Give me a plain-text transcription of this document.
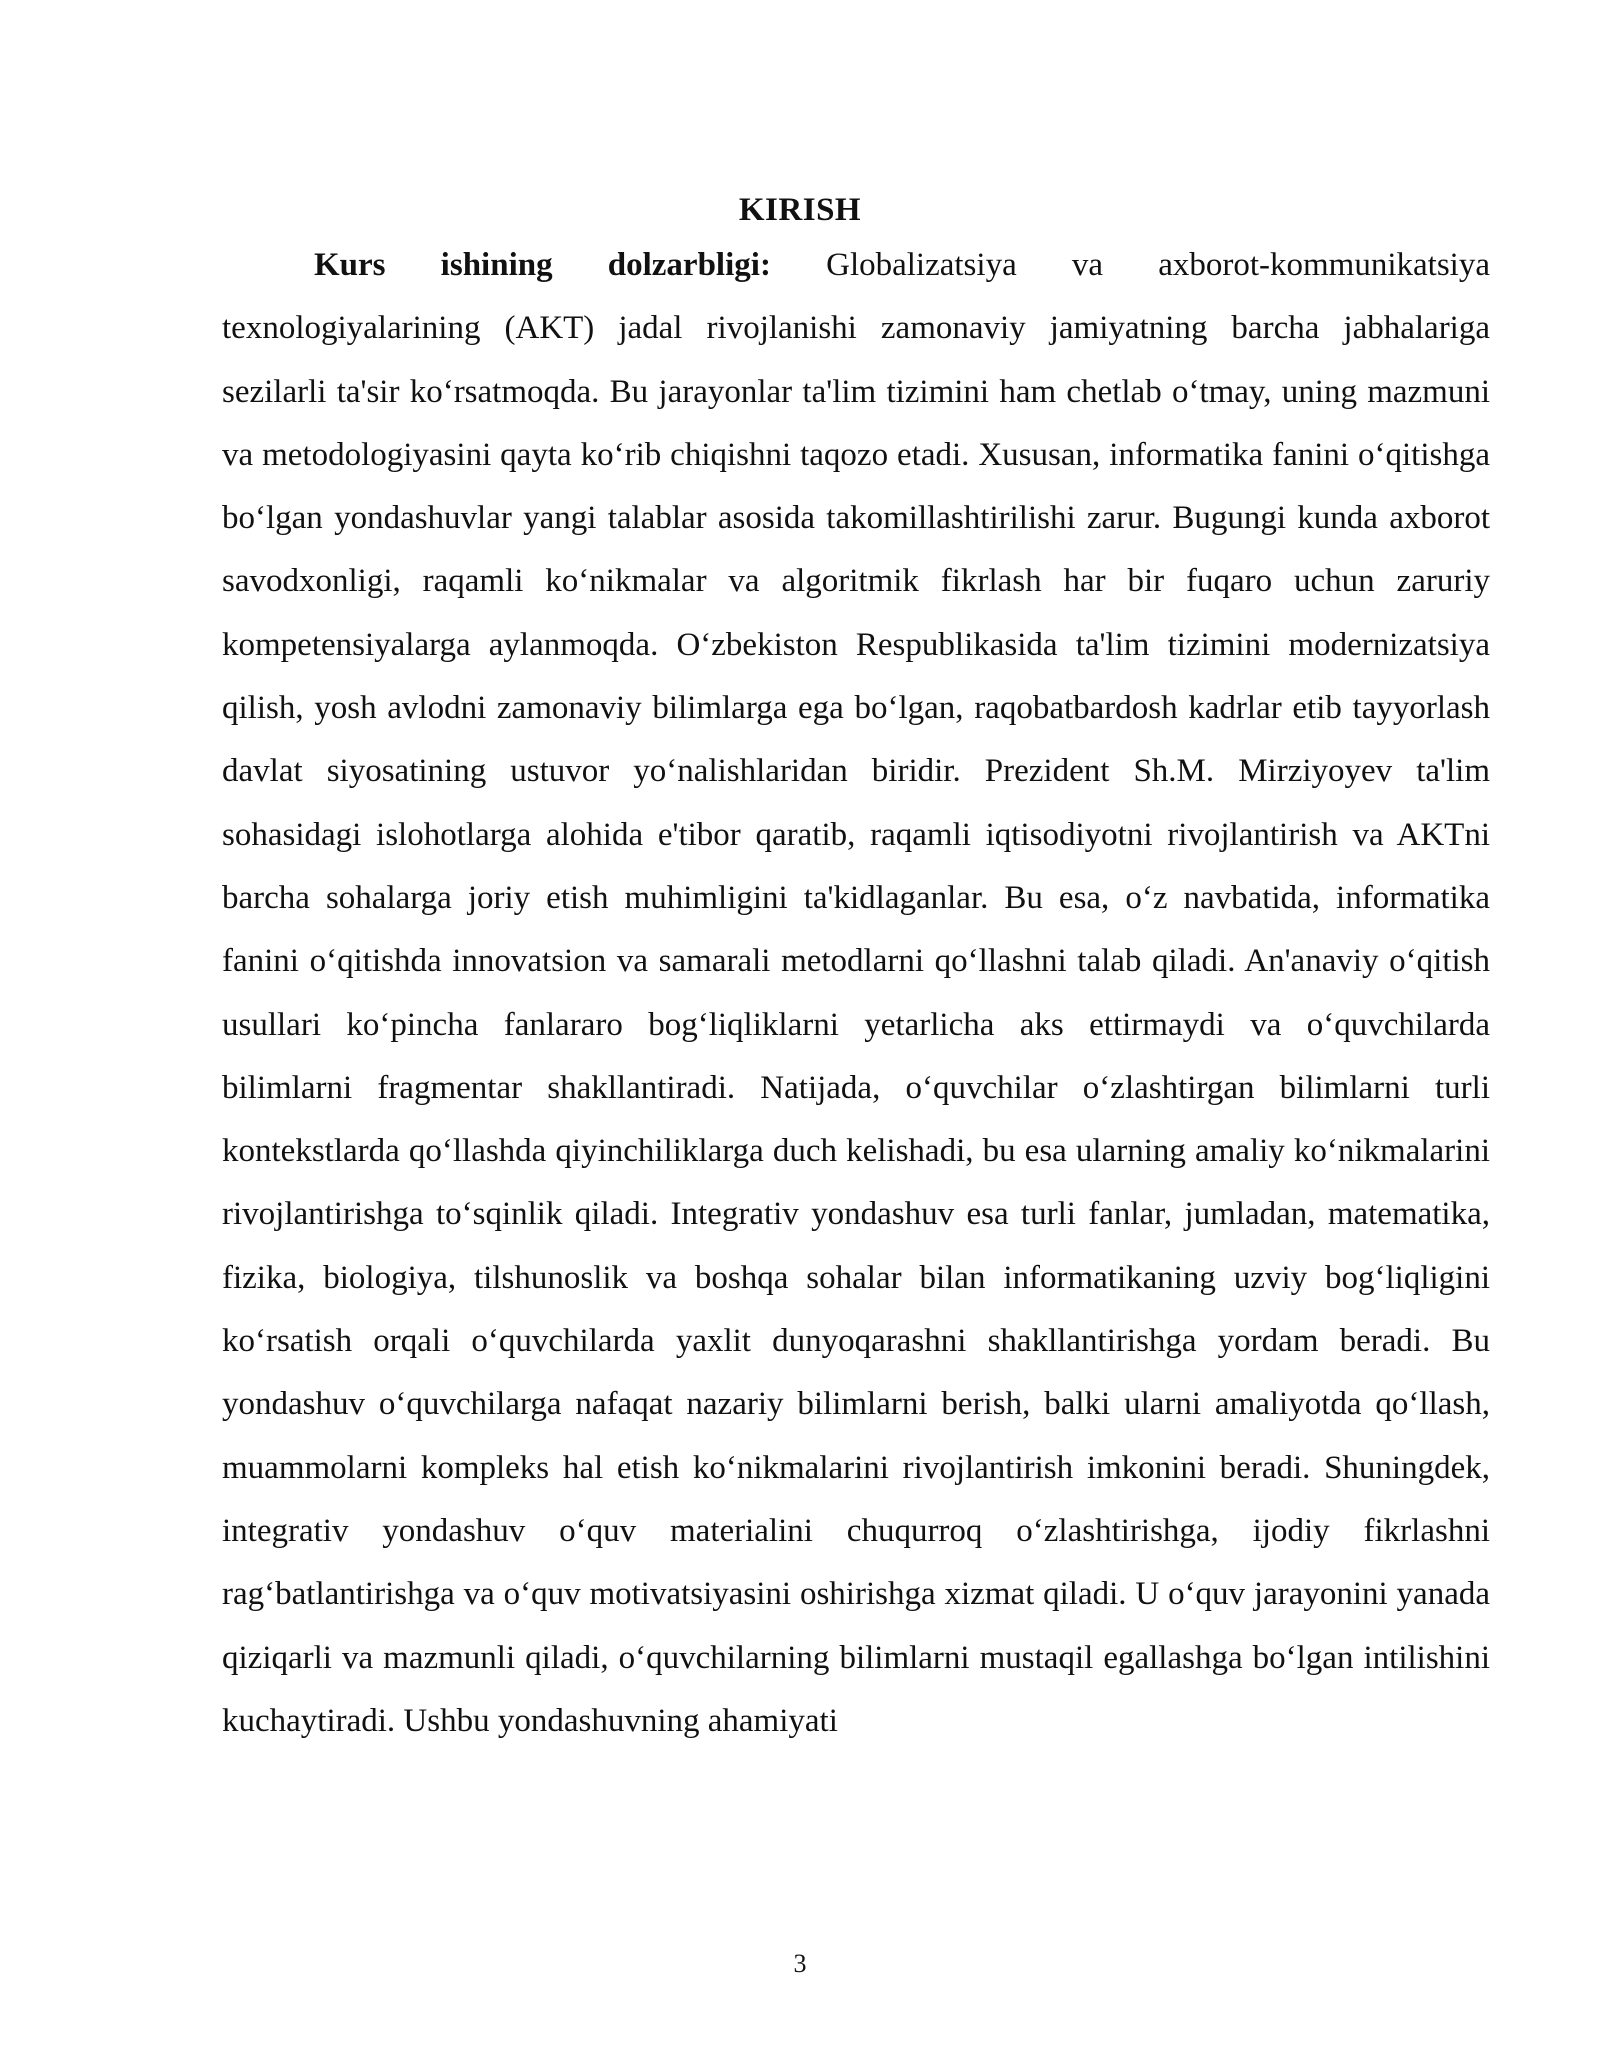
KIRISH

Kurs ishining dolzarbligi: Globalizatsiya va axborot-kommunikatsiya texnologiyalarining (AKT) jadal rivojlanishi zamonaviy jamiyatning barcha jabhalariga sezilarli ta'sir ko‘rsatmoqda. Bu jarayonlar ta'lim tizimini ham chetlab o‘tmay, uning mazmuni va metodologiyasini qayta ko‘rib chiqishni taqozo etadi. Xususan, informatika fanini o‘qitishga bo‘lgan yondashuvlar yangi talablar asosida takomillashtirilishi zarur. Bugungi kunda axborot savodxonligi, raqamli ko‘nikmalar va algoritmik fikrlash har bir fuqaro uchun zaruriy kompetensiyalarga aylanmoqda. O‘zbekiston Respublikasida ta'lim tizimini modernizatsiya qilish, yosh avlodni zamonaviy bilimlarga ega bo‘lgan, raqobatbardosh kadrlar etib tayyorlash davlat siyosatining ustuvor yo‘nalishlaridan biridir. Prezident Sh.M. Mirziyoyev ta'lim sohasidagi islohotlarga alohida e'tibor qaratib, raqamli iqtisodiyotni rivojlantirish va AKTni barcha sohalarga joriy etish muhimligini ta'kidlaganlar. Bu esa, o‘z navbatida, informatika fanini o‘qitishda innovatsion va samarali metodlarni qo‘llashni talab qiladi. An'anaviy o‘qitish usullari ko‘pincha fanlararo bog‘liqliklarni yetarlicha aks ettirmaydi va o‘quvchilarda bilimlarni fragmentar shakllantiradi. Natijada, o‘quvchilar o‘zlashtirgan bilimlarni turli kontekstlarda qo‘llashda qiyinchiliklarga duch kelishadi, bu esa ularning amaliy ko‘nikmalarini rivojlantirishga to‘sqinlik qiladi. Integrativ yondashuv esa turli fanlar, jumladan, matematika, fizika, biologiya, tilshunoslik va boshqa sohalar bilan informatikaning uzviy bog‘liqligini ko‘rsatish orqali o‘quvchilarda yaxlit dunyoqarashni shakllantirishga yordam beradi. Bu yondashuv o‘quvchilarga nafaqat nazariy bilimlarni berish, balki ularni amaliyotda qo‘llash, muammolarni kompleks hal etish ko‘nikmalarini rivojlantirish imkonini beradi. Shuningdek, integrativ yondashuv o‘quv materialini chuqurroq o‘zlashtirishga, ijodiy fikrlashni rag‘batlantirishga va o‘quv motivatsiyasini oshirishga xizmat qiladi. U o‘quv jarayonini yanada qiziqarli va mazmunli qiladi, o‘quvchilarning bilimlarni mustaqil egallashga bo‘lgan intilishini kuchaytiradi. Ushbu yondashuvning ahamiyati

3
